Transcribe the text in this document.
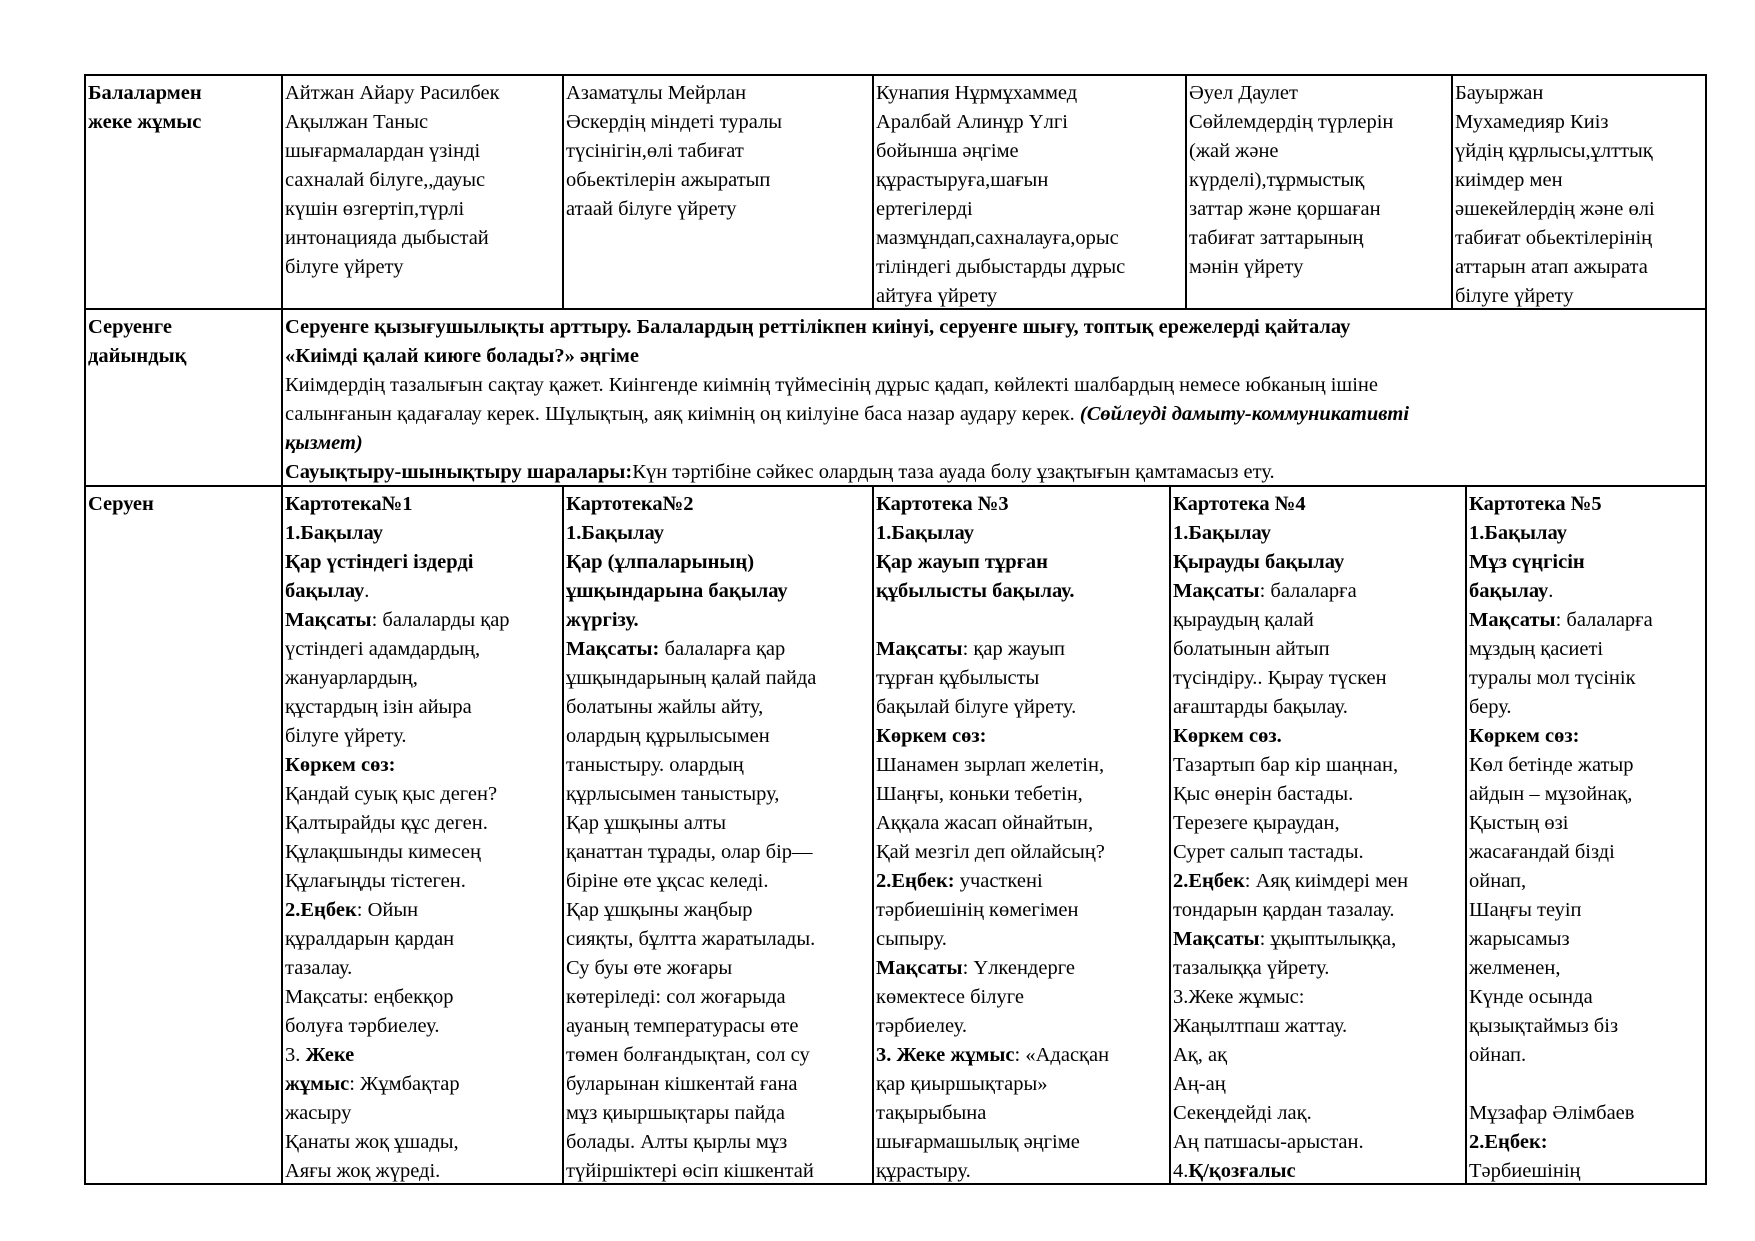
Балалармен
жеке жұмыс
Айтжан Айару Расилбек
Ақылжан Таныс
шығармалардан үзінді
сахналай білуге,,дауыс
күшін өзгертіп,түрлі
интонацияда дыбыстай
білуге үйрету
Азаматұлы Мейрлан
Әскердің міндеті туралы
түсінігін,өлі табиғат
обьектілерін ажыратып
атаай білуге үйрету
Кунапия Нұрмұхаммед
Аралбай Алинұр Үлгі
бойынша әңгіме
құрастыруға,шағын
ертегілерді
мазмұндап,сахналауға,орыс
тіліндегі дыбыстарды дұрыс
айтуға үйрету
Әуел Даулет
Сөйлемдердің түрлерін
(жай және
күрделі),тұрмыстық
заттар және қоршаған
табиғат заттарының
мәнін үйрету
Бауыржан
Мухамедияр Киіз
үйдің құрлысы,ұлттық
киімдер мен
әшекейлердің және өлі
табиғат обьектілерінің
аттарын атап ажырата
білуге үйрету
Серуенге
дайындық
Серуенге қызығушылықты арттыру. Балалардың реттілікпен киінуі, серуенге шығу, топтық ережелерді қайталау
«Киімді қалай киюге болады?» әңгіме
Киімдердің тазалығын сақтау қажет. Киінгенде киімнің түймесінің дұрыс қадап, көйлекті шалбардың немесе юбканың ішіне
салынғанын қадағалау керек. Шұлықтың, аяқ киімнің оң киілуіне баса назар аудару керек. (Сөйлеуді дамыту-коммуникативті
қызмет)
Сауықтыру-шынықтыру шаралары:Күн тәртібіне сәйкес олардың таза ауада болу ұзақтығын қамтамасыз ету.
Серуен	Картотека№1
1.Бақылау
Қар үстіндегі іздерді
бақылау.
Мақсаты: балаларды қар
үстіндегі адамдардың,
жануарлардың,
құстардың ізін айыра
білуге үйрету.
Көркем сөз:
Қандай суық қыс деген?
Қалтырайды құс деген.
Құлақшынды кимесең
Құлағыңды тістеген.
2.Еңбек: Ойын
құралдарын қардан
тазалау.
Мақсаты: еңбекқор
болуға тәрбиелеу.
3. Жеке
жұмыс: Жұмбақтар
жасыру
Қанаты жоқ ұшады,
Аяғы жоқ жүреді.
Картотека№2
1.Бақылау
Қар (ұлпаларының)
ұшқындарына бақылау
жүргізу.
Мақсаты: балаларға қар
ұшқындарының қалай пайда
болатыны жайлы айту,
олардың құрылысымен
таныстыру. олардың
құрлысымен таныстыру,
Қар ұшқыны алты
қанаттан тұрады, олар бір—
біріне өте ұқсас келеді.
Қар ұшқыны жаңбыр
сияқты, бұлтта жаратылады.
Су буы өте жоғары
көтеріледі: сол жоғарыда
ауаның температурасы өте
төмен болғандықтан, сол су
буларынан кішкентай ғана
мұз қиыршықтары пайда
болады. Алты қырлы мұз
түйіршіктері өсіп кішкентай
Картотека №3
1.Бақылау
Қар жауып тұрған
құбылысты бақылау.
Мақсаты: қар жауып
тұрған құбылысты
бақылай білуге үйрету.
Көркем сөз:
Шанамен зырлап желетін,
Шаңғы, коньки тебетін,
Аққала жасап ойнайтын,
Қай мезгіл деп ойлайсың?
2.Еңбек: участкені
тәрбиешінің көмегімен
сыпыру.
Мақсаты: Үлкендерге
көмектесе білуге
тәрбиелеу.
3. Жеке жұмыс: «Адасқан
қар қиыршықтары»
тақырыбына
шығармашылық әңгіме
құрастыру.
Картотека №4
1.Бақылау
Қырауды бақылау
Мақсаты: балаларға
қыраудың қалай
болатынын айтып
түсіндіру.. Қырау түскен
ағаштарды бақылау.
Көркем сөз.
Тазартып бар кір шаңнан,
Қыс өнерін бастады.
Терезеге қыраудан,
Сурет салып тастады.
2.Еңбек: Аяқ киімдері мен
тондарын қардан тазалау.
Мақсаты: ұқыптылыққа,
тазалыққа үйрету.
3.Жеке жұмыс:
Жаңылтпаш жаттау.
Ақ, ақ
Аң-аң
Секеңдейді лақ.
Аң патшасы-арыстан.
4.Қ/қозғалыс
Картотека №5
1.Бақылау
Мұз сүңгісін
бақылау.
Мақсаты: балаларға
мұздың қасиеті
туралы мол түсінік
беру.
Көркем сөз:
Көл бетінде жатыр
айдын – мұзойнақ,
Қыстың өзі
жасағандай бізді
ойнап,
Шаңғы теуіп
жарысамыз
желменен,
Күнде осында
қызықтаймыз біз
ойнап.
Мұзафар Әлімбаев
2.Еңбек:
Тәрбиешінің
